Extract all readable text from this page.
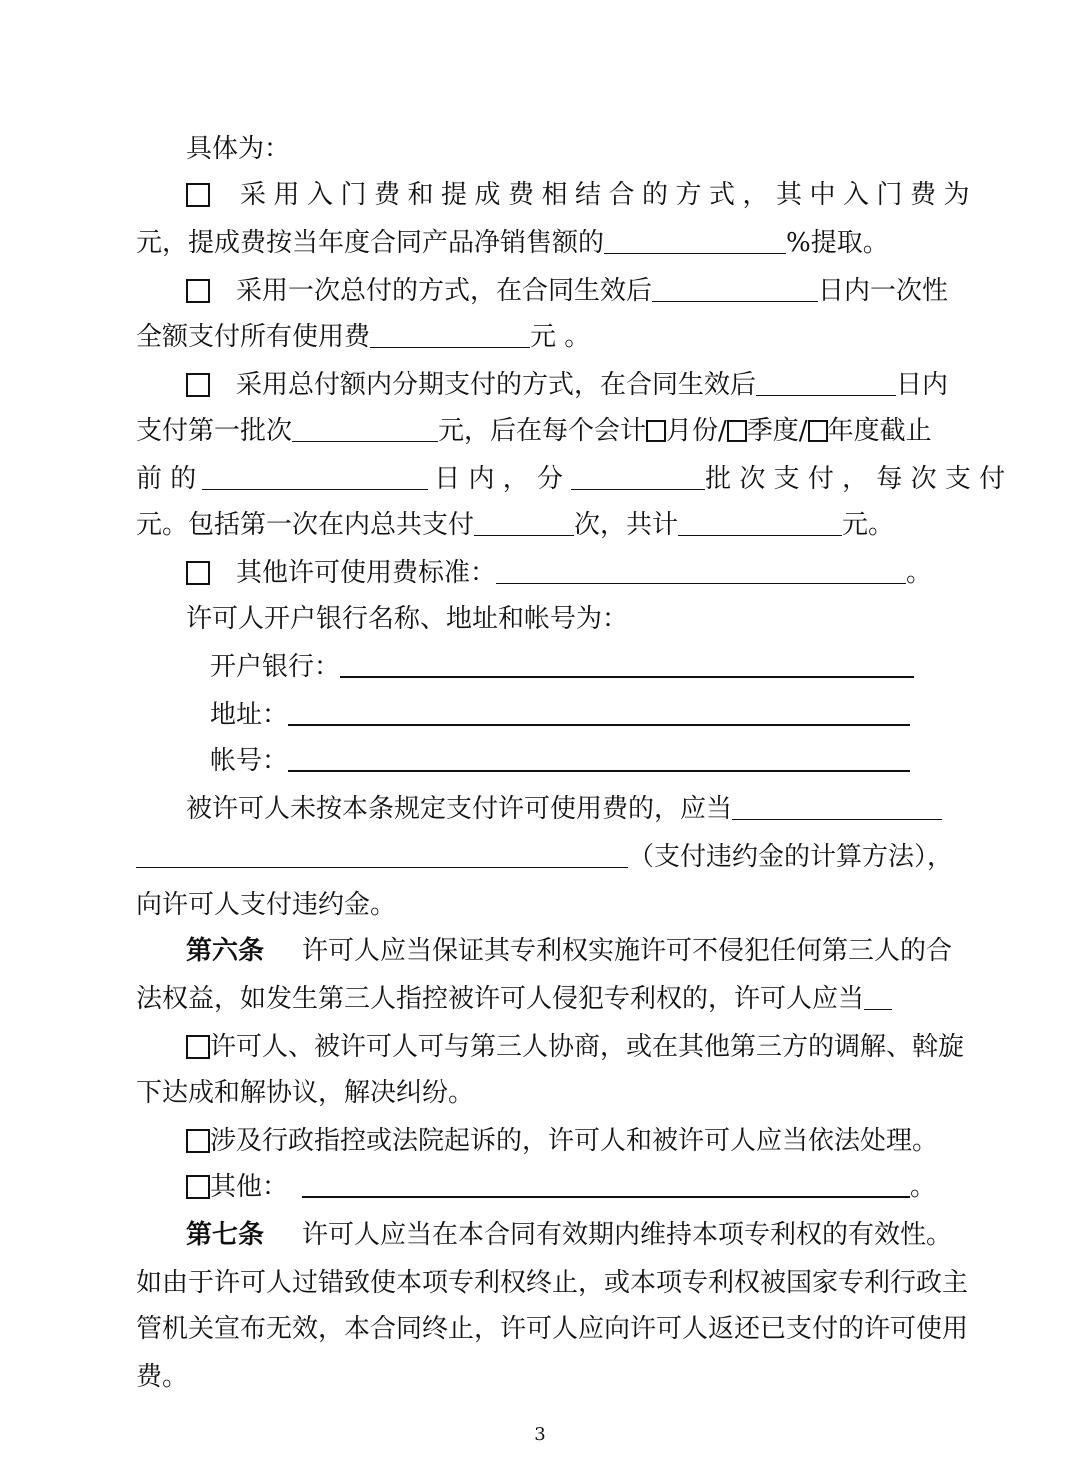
具体为：
采用入门费和提成费相结合的方式，其中入门费为
元，提成费按当年度合同产品净销售额的	%提取。
采用一次总付的方式，在合同生效后	日内一次性
全额支付所有使用费	元 。
采用总付额内分期支付的方式，在合同生效后	日内
支付第一批次	元，后在每个会计 月份/ 季度/ 年度截止
前 的	日 内 ， 分	批 次 支 付 ， 每 次 支 付
元。包括第一次在内总共支付	次，共计	元。
其他许可使用费标准：	。
许可人开户银行名称、地址和帐号为：
开户银行：
地址：
帐号：
被许可人未按本条规定支付许可使用费的，应当
（支付违约金的计算方法），
向许可人支付违约金。
第六条 许可人应当保证其专利权实施许可不侵犯任何第三人的合
法权益，如发生第三人指控被许可人侵犯专利权的，许可人应当
许可人、被许可人可与第三人协商，或在其他第三方的调解、斡旋
下达成和解协议，解决纠纷。
涉及行政指控或法院起诉的，许可人和被许可人应当依法处理。
其他：	。
第七条 许可人应当在本合同有效期内维持本项专利权的有效性。
如由于许可人过错致使本项专利权终止，或本项专利权被国家专利行政主
管机关宣布无效，本合同终止，许可人应向许可人返还已支付的许可使用
费。
3
